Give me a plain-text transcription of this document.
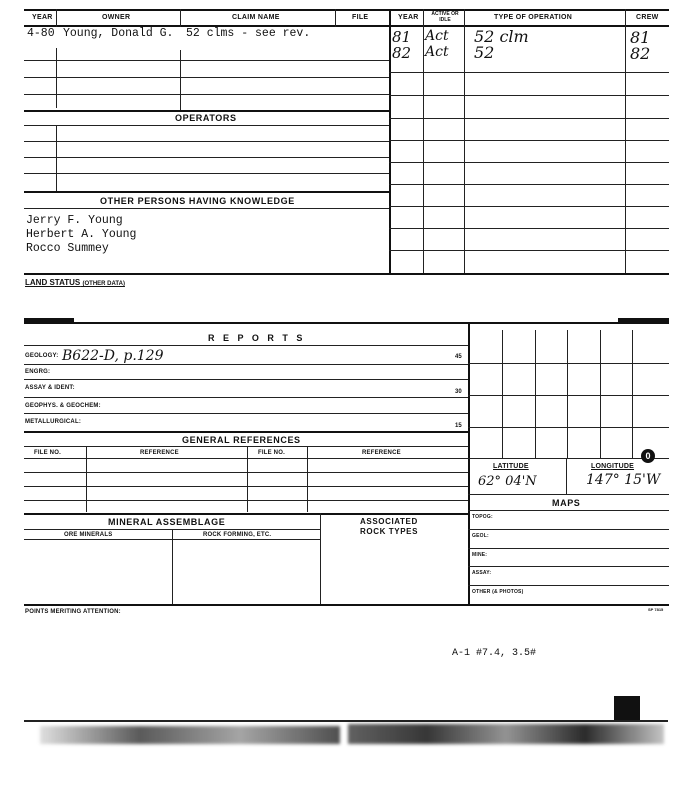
YEAR	OWNER	CLAIM NAME	FILE	YEAR	ACTIVE OR IDLE	TYPE OF OPERATION	CREW
4-80 Young, Donald G. 52 clms - see rev.	81 Act 52 clm	81
82 Act 52	82
OPERATORS
OTHER PERSONS HAVING KNOWLEDGE
Jerry F. Young
Herbert A. Young
Rocco Summey
LAND STATUS (OTHER DATA)
R E P O R T S
GEOLOGY: B622-D, p.129	45
ENGRG:
ASSAY & IDENT:
30
GEOPHYS. & GEOCHEM:
METALLURGICAL:
15
GENERAL REFERENCES
FILE NO.	REFERENCE	FILE NO.	REFERENCE	0
LATITUDE	LONGITUDE
62° 04'N	147° 15'W
MAPS
TOPOG:
GEOL:
MINE:
ASSAY:
OTHER (& PHOTOS)
MINERAL ASSEMBLAGE	ASSOCIATED
ROCK TYPES
ORE MINERALS	ROCK FORMING, ETC.
POINTS MERITING ATTENTION:	SP 7815
A-1 #7.4, 3.5#
